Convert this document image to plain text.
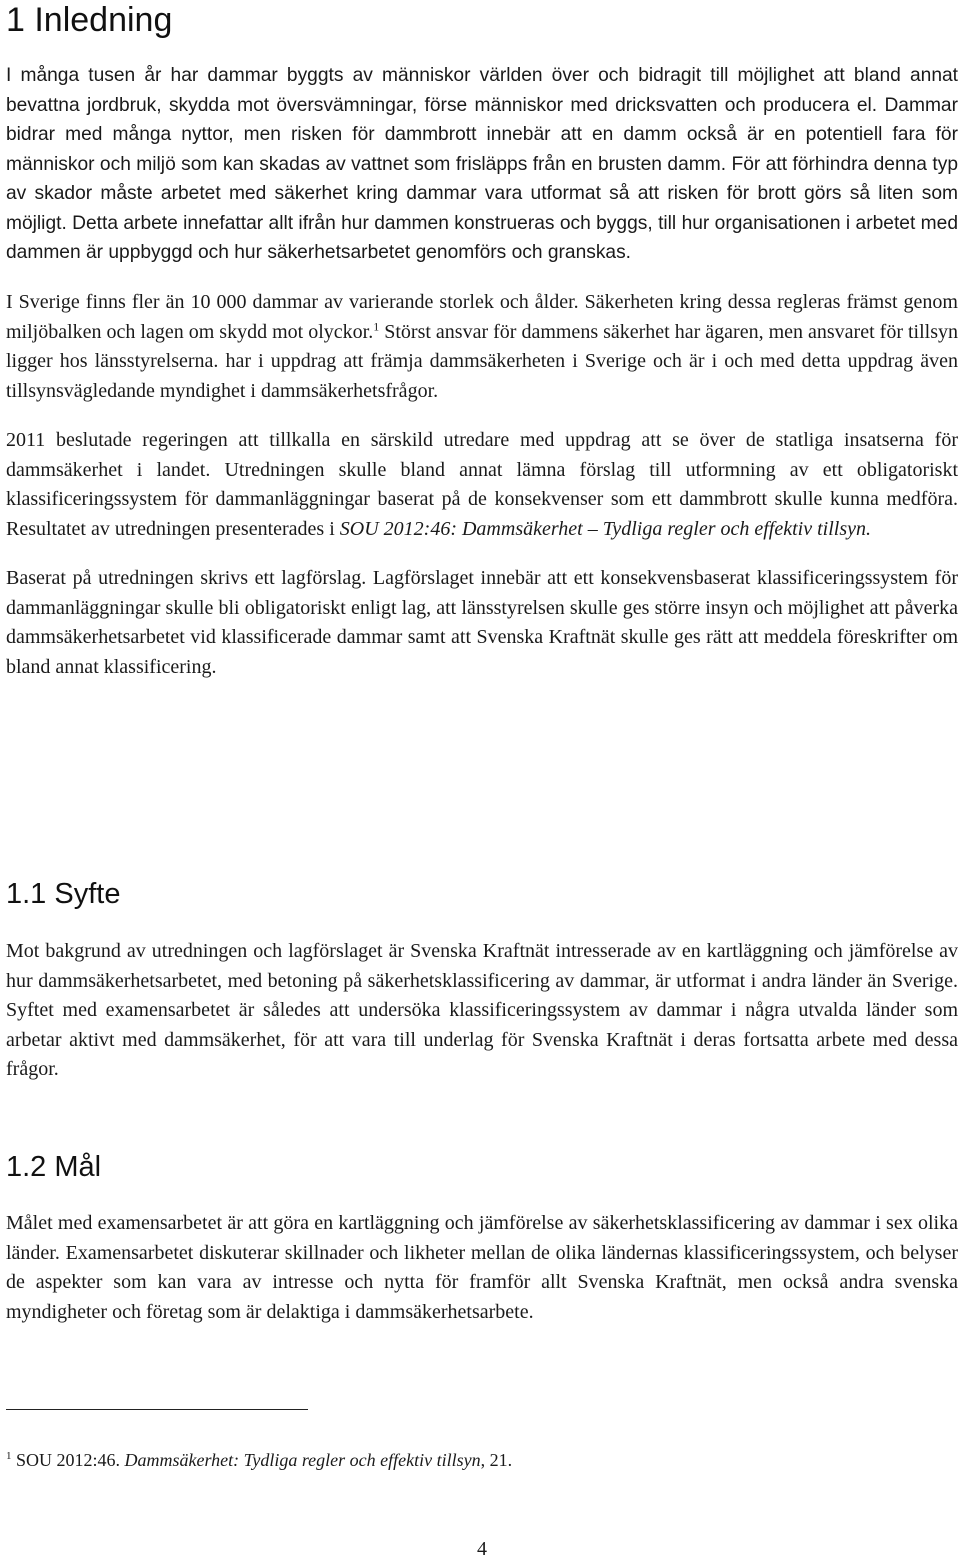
1 Inledning

I många tusen år har dammar byggts av människor världen över och bidragit till möjlighet att bland annat bevattna jordbruk, skydda mot översvämningar, förse människor med dricksvatten och producera el. Dammar bidrar med många nyttor, men risken för dammbrott innebär att en damm också är en potentiell fara för människor och miljö som kan skadas av vattnet som frisläpps från en brusten damm. För att förhindra denna typ av skador måste arbetet med säkerhet kring dammar vara utformat så att risken för brott görs så liten som möjligt. Detta arbete innefattar allt ifrån hur dammen konstrueras och byggs, till hur organisationen i arbetet med dammen är uppbyggd och hur säkerhetsarbetet genomförs och granskas.

I Sverige finns fler än 10 000 dammar av varierande storlek och ålder. Säkerheten kring dessa regleras främst genom miljöbalken och lagen om skydd mot olyckor.$^1$ Störst ansvar för dammens säkerhet har ägaren, men ansvaret för tillsyn ligger hos länsstyrelserna. har i uppdrag att främja dammsäkerheten i Sverige och är i och med detta uppdrag även tillsynsvägledande myndighet i dammsäkerhetsfrågor.

2011 beslutade regeringen att tillkalla en särskild utredare med uppdrag att se över de statliga insatserna för dammsäkerhet i landet. Utredningen skulle bland annat lämna förslag till utformning av ett obligatoriskt klassificeringssystem för dammanläggningar baserat på de konsekvenser som ett dammbrott skulle kunna medföra. Resultatet av utredningen presenterades i SOU 2012:46: Dammsäkerhet – Tydliga regler och effektiv tillsyn.

Baserat på utredningen skrivs ett lagförslag. Lagförslaget innebär att ett konsekvensbaserat klassificeringssystem för dammanläggningar skulle bli obligatoriskt enligt lag, att länsstyrelsen skulle ges större insyn och möjlighet att påverka dammsäkerhetsarbetet vid klassificerade dammar samt att Svenska Kraftnät skulle ges rätt att meddela föreskrifter om bland annat klassificering.

1.1 Syfte

Mot bakgrund av utredningen och lagförslaget är Svenska Kraftnät intresserade av en kartläggning och jämförelse av hur dammsäkerhetsarbetet, med betoning på säkerhetsklassificering av dammar, är utformat i andra länder än Sverige. Syftet med examensarbetet är således att undersöka klassificeringssystem av dammar i några utvalda länder som arbetar aktivt med dammsäkerhet, för att vara till underlag för Svenska Kraftnät i deras fortsatta arbete med dessa frågor.

1.2 Mål

Målet med examensarbetet är att göra en kartläggning och jämförelse av säkerhetsklassificering av dammar i sex olika länder. Examensarbetet diskuterar skillnader och likheter mellan de olika ländernas klassificeringssystem, och belyser de aspekter som kan vara av intresse och nytta för framför allt Svenska Kraftnät, men också andra svenska myndigheter och företag som är delaktiga i dammsäkerhetsarbete.

$^1$ SOU 2012:46. Dammsäkerhet: Tydliga regler och effektiv tillsyn, 21.
4
